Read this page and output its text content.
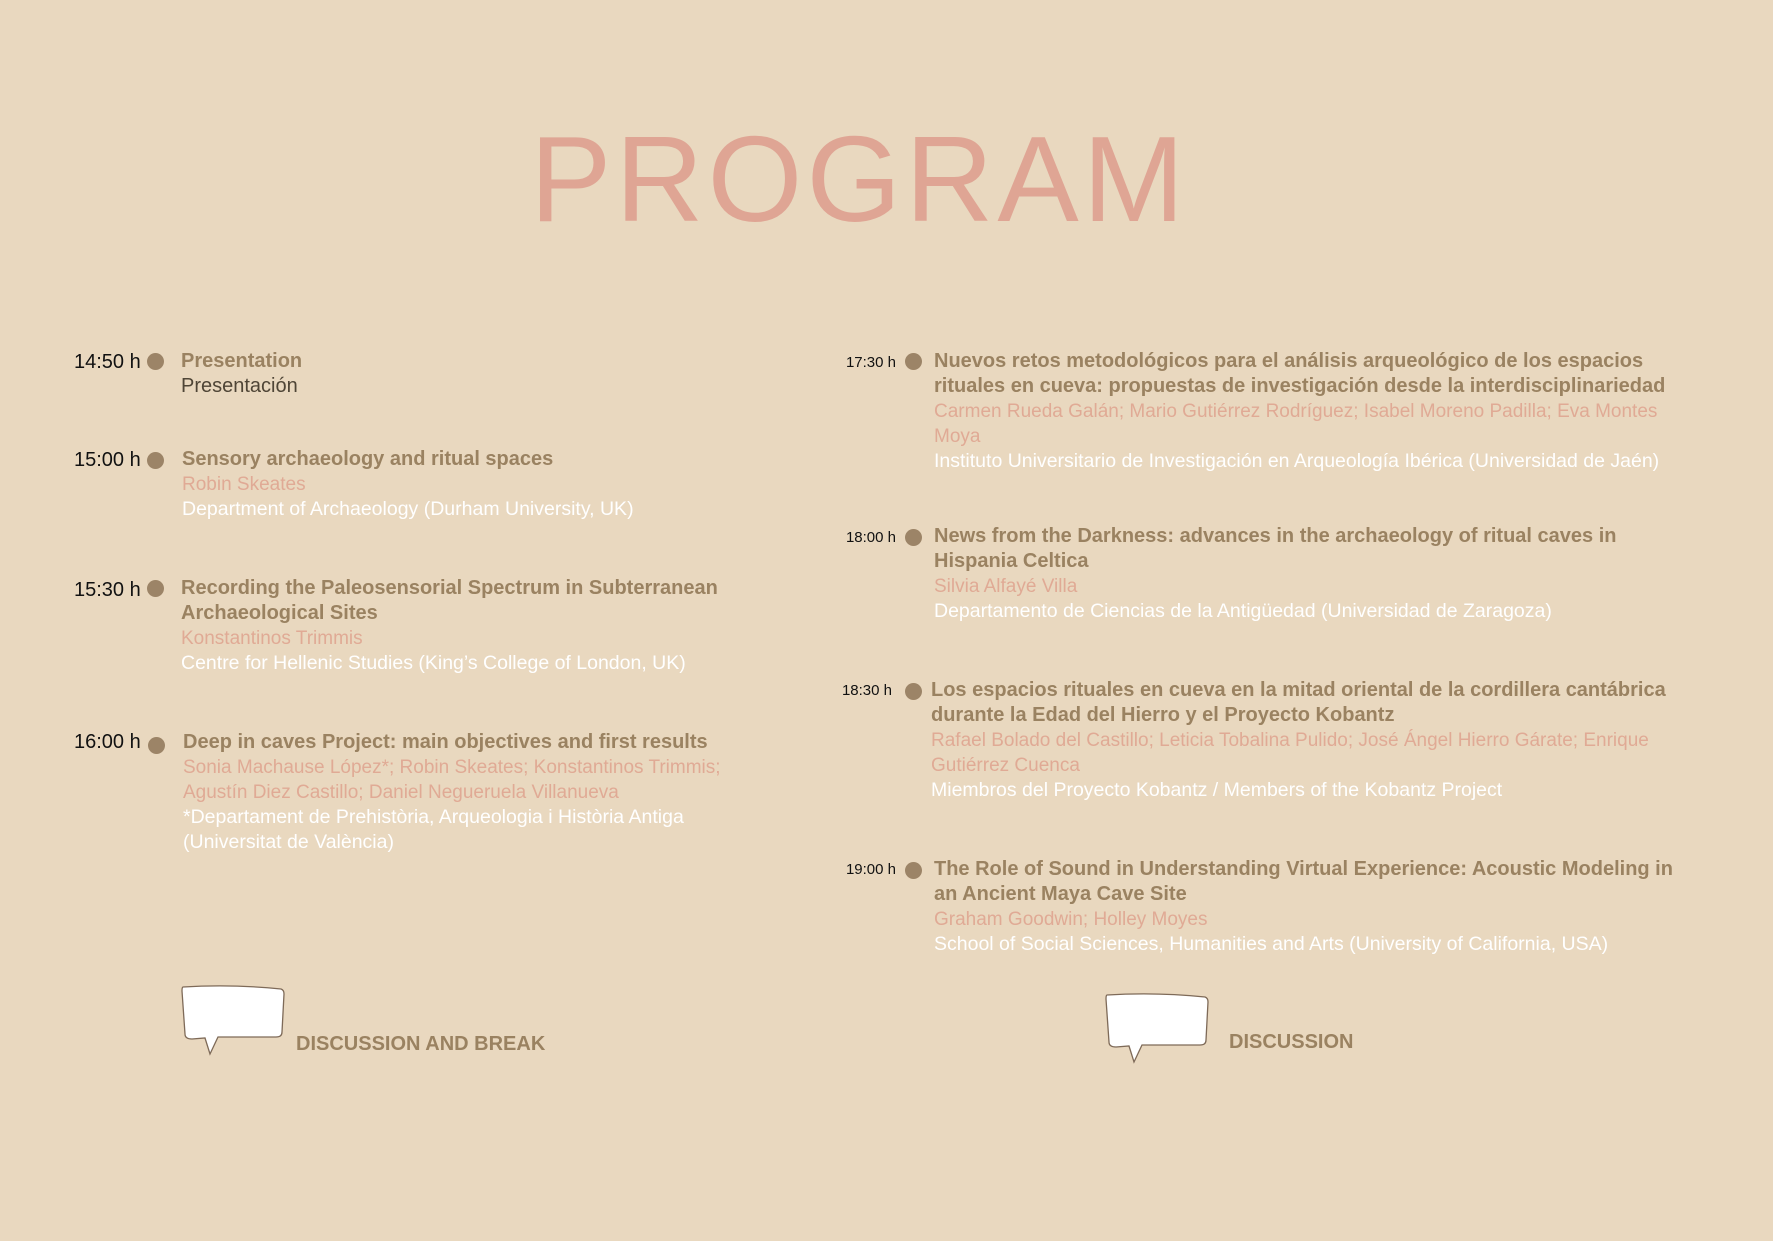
PROGRAM
14:50 h Presentation
Presentación
15:00 h Sensory archaeology and ritual spaces
Robin Skeates
Department of Archaeology (Durham University, UK)
15:30 h Recording the Paleosensorial Spectrum in Subterranean Archaeological Sites
Konstantinos Trimmis
Centre for Hellenic Studies (King’s College of London, UK)
16:00 h Deep in caves Project: main objectives and first results
Sonia Machause López*; Robin Skeates; Konstantinos Trimmis; Agustín Diez Castillo; Daniel Negueruela Villanueva
*Departament de Prehistòria, Arqueologia i Història Antiga (Universitat de València)
DISCUSSION AND BREAK
17:30 h Nuevos retos metodológicos para el análisis arqueológico de los espacios rituales en cueva: propuestas de investigación desde la interdisciplinariedad
Carmen Rueda Galán; Mario Gutiérrez Rodríguez; Isabel Moreno Padilla; Eva Montes Moya
Instituto Universitario de Investigación en Arqueología Ibérica (Universidad de Jaén)
18:00 h News from the Darkness: advances in the archaeology of ritual caves in Hispania Celtica
Silvia Alfayé Villa
Departamento de Ciencias de la Antigüedad (Universidad de Zaragoza)
18:30 h Los espacios rituales en cueva en la mitad oriental de la cordillera cantábrica durante la Edad del Hierro y el Proyecto Kobantz
Rafael Bolado del Castillo; Leticia Tobalina Pulido; José Ángel Hierro Gárate; Enrique Gutiérrez Cuenca
Miembros del Proyecto Kobantz / Members of the Kobantz Project
19:00 h The Role of Sound in Understanding Virtual Experience: Acoustic Modeling in an Ancient Maya Cave Site
Graham Goodwin; Holley Moyes
School of Social Sciences, Humanities and Arts (University of California, USA)
DISCUSSION
